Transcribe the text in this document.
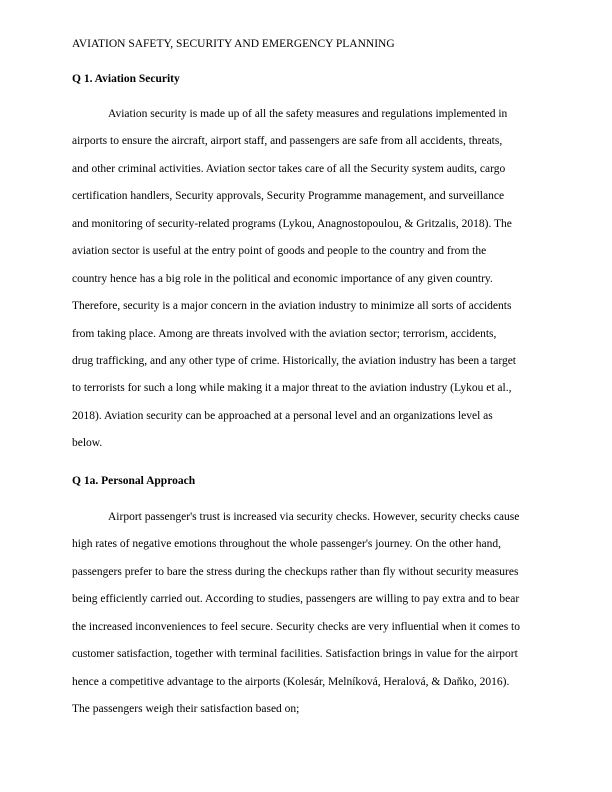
AVIATION SAFETY, SECURITY AND EMERGENCY PLANNING
Q 1. Aviation Security
Aviation security is made up of all the safety measures and regulations implemented in
airports to ensure the aircraft, airport staff, and passengers are safe from all accidents, threats,
and other criminal activities. Aviation sector takes care of all the Security system audits, cargo
certification handlers, Security approvals, Security Programme management, and surveillance
and monitoring of security-related programs (Lykou, Anagnostopoulou, & Gritzalis, 2018). The
aviation sector is useful at the entry point of goods and people to the country and from the
country hence has a big role in the political and economic importance of any given country.
Therefore, security is a major concern in the aviation industry to minimize all sorts of accidents
from taking place. Among are threats involved with the aviation sector; terrorism, accidents,
drug trafficking, and any other type of crime. Historically, the aviation industry has been a target
to terrorists for such a long while making it a major threat to the aviation industry (Lykou et al.,
2018). Aviation security can be approached at a personal level and an organizations level as
below.
Q 1a. Personal Approach
Airport passenger's trust is increased via security checks. However, security checks cause
high rates of negative emotions throughout the whole passenger's journey. On the other hand,
passengers prefer to bare the stress during the checkups rather than fly without security measures
being efficiently carried out. According to studies, passengers are willing to pay extra and to bear
the increased inconveniences to feel secure. Security checks are very influential when it comes to
customer satisfaction, together with terminal facilities. Satisfaction brings in value for the airport
hence a competitive advantage to the airports (Kolesár, Melníková, Heralová, & Daňko, 2016).
The passengers weigh their satisfaction based on;
